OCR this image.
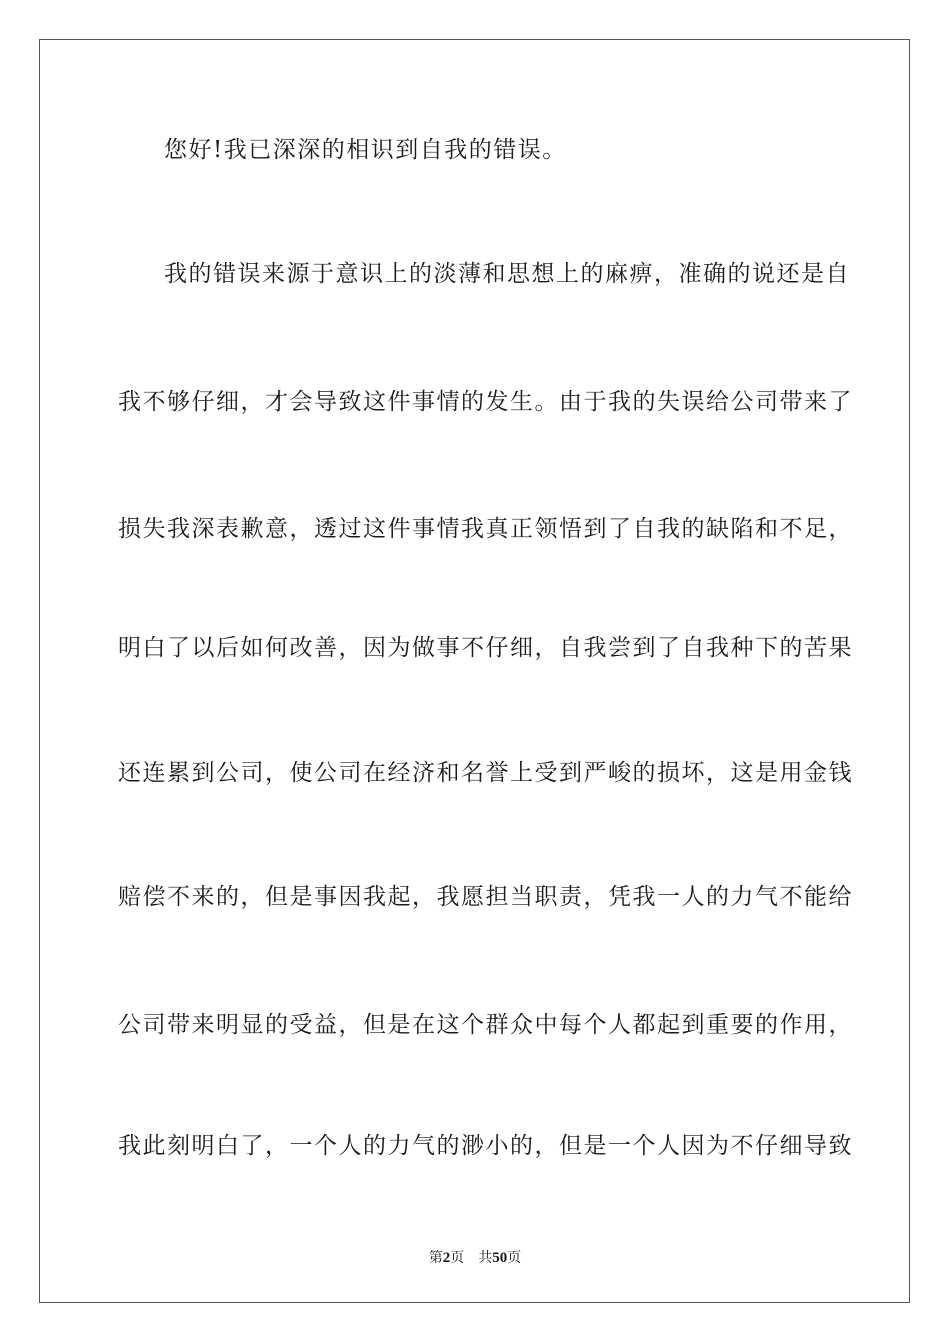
您好!我已深深的相识到自我的错误。
我的错误来源于意识上的淡薄和思想上的麻痹，准确的说还是自
我不够仔细，才会导致这件事情的发生。由于我的失误给公司带来了
损失我深表歉意，透过这件事情我真正领悟到了自我的缺陷和不足，
明白了以后如何改善，因为做事不仔细，自我尝到了自我种下的苦果
还连累到公司，使公司在经济和名誉上受到严峻的损坏，这是用金钱
赔偿不来的，但是事因我起，我愿担当职责，凭我一人的力气不能给
公司带来明显的受益，但是在这个群众中每个人都起到重要的作用，
我此刻明白了，一个人的力气的渺小的，但是一个人因为不仔细导致
第2页 共50页
